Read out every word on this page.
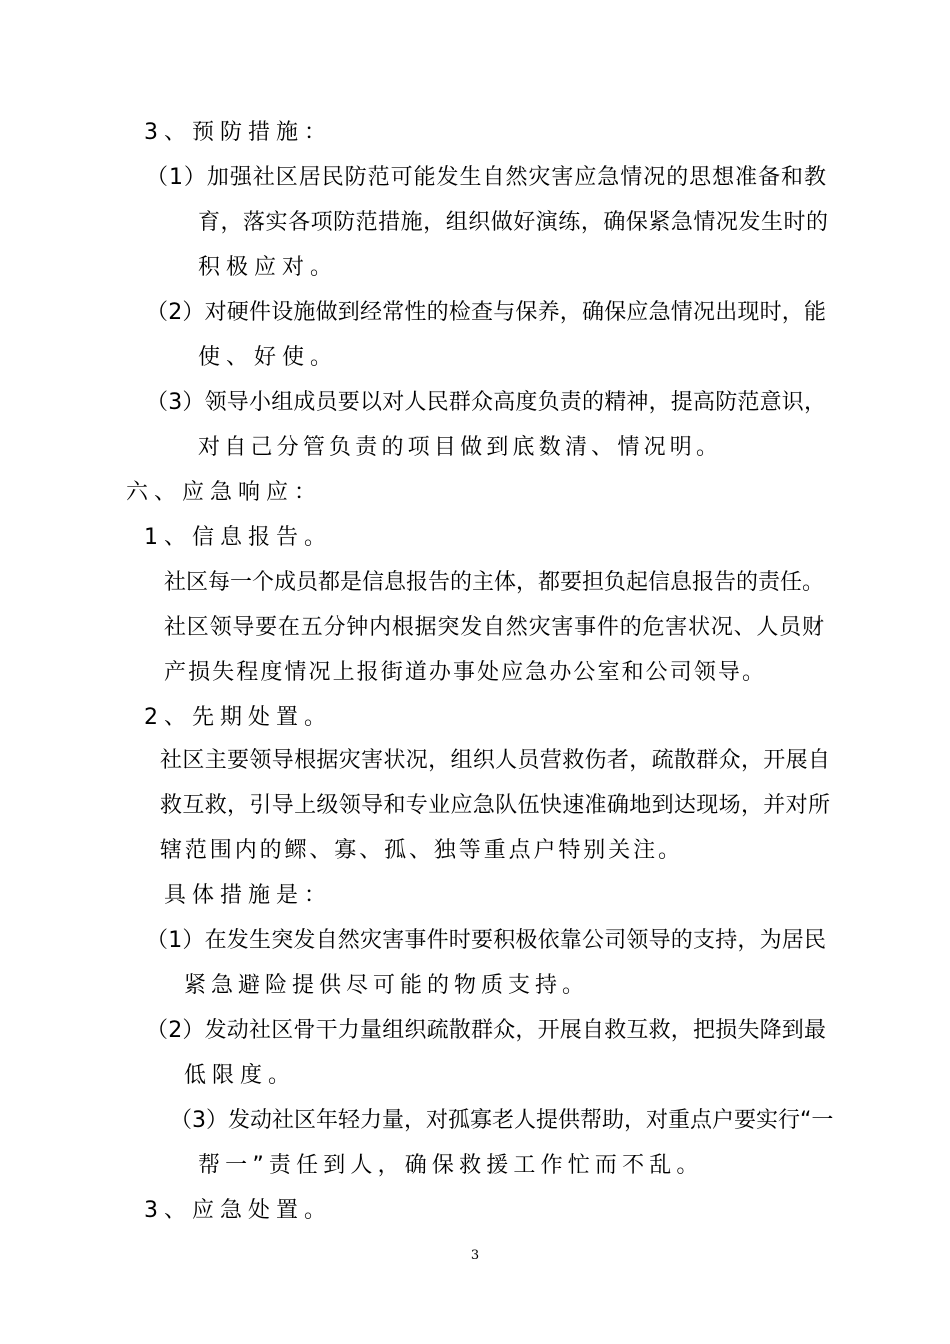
3、预防措施：
（1）加强社区居民防范可能发生自然灾害应急情况的思想准备和教
育，落实各项防范措施，组织做好演练，确保紧急情况发生时的
积极应对。
（2）对硬件设施做到经常性的检查与保养，确保应急情况出现时，能
使、好使。
（3）领导小组成员要以对人民群众高度负责的精神，提高防范意识，
对自己分管负责的项目做到底数清、情况明。
六、应急响应：
1、信息报告。
社区每一个成员都是信息报告的主体，都要担负起信息报告的责任。
社区领导要在五分钟内根据突发自然灾害事件的危害状况、人员财
产损失程度情况上报街道办事处应急办公室和公司领导。
2、先期处置。
社区主要领导根据灾害状况，组织人员营救伤者，疏散群众，开展自
救互救，引导上级领导和专业应急队伍快速准确地到达现场，并对所
辖范围内的鳏、寡、孤、独等重点户特别关注。
具体措施是：
（1）在发生突发自然灾害事件时要积极依靠公司领导的支持，为居民
紧急避险提供尽可能的物质支持。
（2）发动社区骨干力量组织疏散群众，开展自救互救，把损失降到最
低限度。
（3）发动社区年轻力量，对孤寡老人提供帮助，对重点户要实行“一
帮一”责任到人，确保救援工作忙而不乱。
3、应急处置。
3
